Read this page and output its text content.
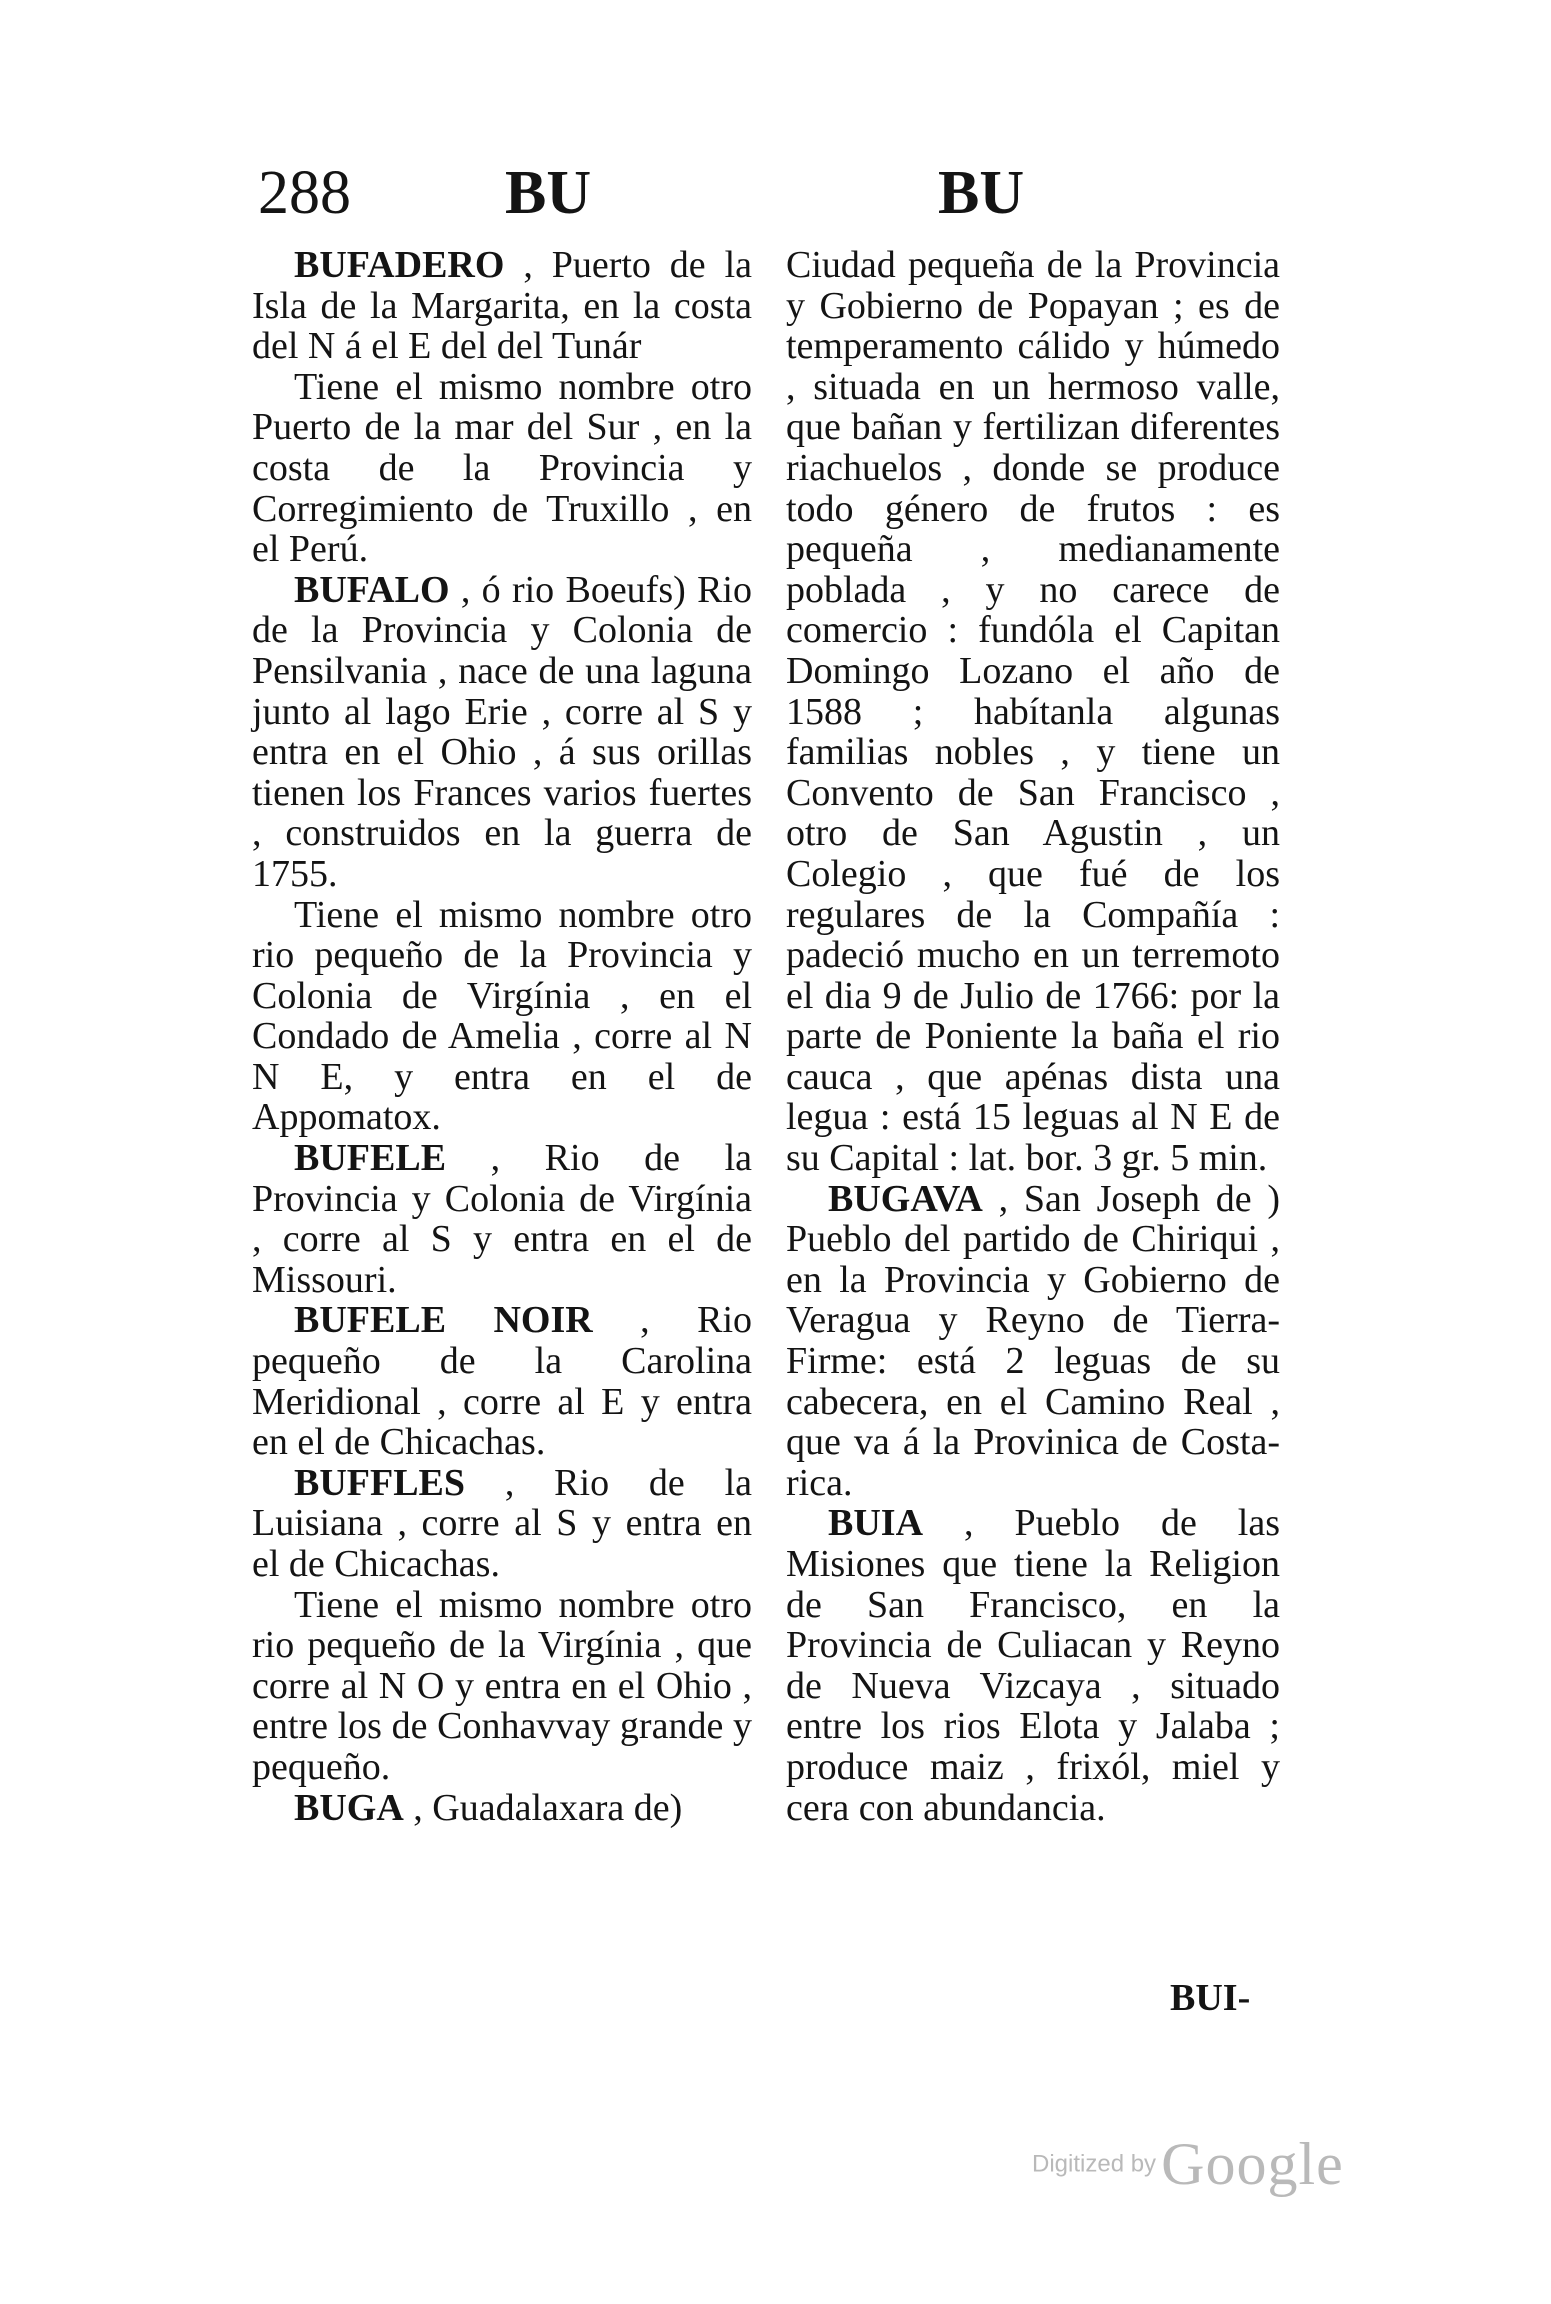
288 BU	BU

BUFADERO , Puerto de la Isla de la Margarita, en la costa del N á el E del del Tunár

Tiene el mismo nombre otro Puerto de la mar del Sur , en la costa de la Provincia y Corregimiento de Truxillo , en el Perú.

BUFALO , ó rio Boeufs) Rio de la Provincia y Colonia de Pensilvania , nace de una laguna junto al lago Erie , corre al S y entra en el Ohio , á sus orillas tienen los Frances varios fuertes , construidos en la guerra de 1755.

Tiene el mismo nombre otro rio pequeño de la Provincia y Colonia de Virgínia , en el Condado de Amelia , corre al N N E, y entra en el de Appomatox.

BUFELE , Rio de la Provincia y Colonia de Virgínia , corre al S y entra en el de Missouri.

BUFELE NOIR , Rio pequeño de la Carolina Meridional , corre al E y entra en el de Chicachas.

BUFFLES , Rio de la Luisiana , corre al S y entra en el de Chicachas.

Tiene el mismo nombre otro rio pequeño de la Virgínia , que corre al N O y entra en el Ohio , entre los de Conhavvay grande y pequeño.

BUGA , Guadalaxara de)

Ciudad pequeña de la Provincia y Gobierno de Popayan ; es de temperamento cálido y húmedo , situada en un hermoso valle, que bañan y fertilizan diferentes riachuelos , donde se produce todo género de frutos : es pequeña , medianamente poblada , y no carece de comercio : fundóla el Capitan Domingo Lozano el año de 1588 ; habítanla algunas familias nobles , y tiene un Convento de San Francisco , otro de San Agustin , un Colegio , que fué de los regulares de la Compañía : padeció mucho en un terremoto el dia 9 de Julio de 1766: por la parte de Poniente la baña el rio cauca , que apénas dista una legua : está 15 leguas al N E de su Capital : lat. bor. 3 gr. 5 min.

BUGAVA , San Joseph de ) Pueblo del partido de Chiriqui , en la Provincia y Gobierno de Veragua y Reyno de Tierra-Firme: está 2 leguas de su cabecera, en el Camino Real , que va á la Provinica de Costa-rica.

BUIA , Pueblo de las Misiones que tiene la Religion de San Francisco, en la Provincia de Culiacan y Reyno de Nueva Vizcaya , situado entre los rios Elota y Jalaba ; produce maiz , frixól, miel y cera con abundancia.

BUI-
Digitized by Google
